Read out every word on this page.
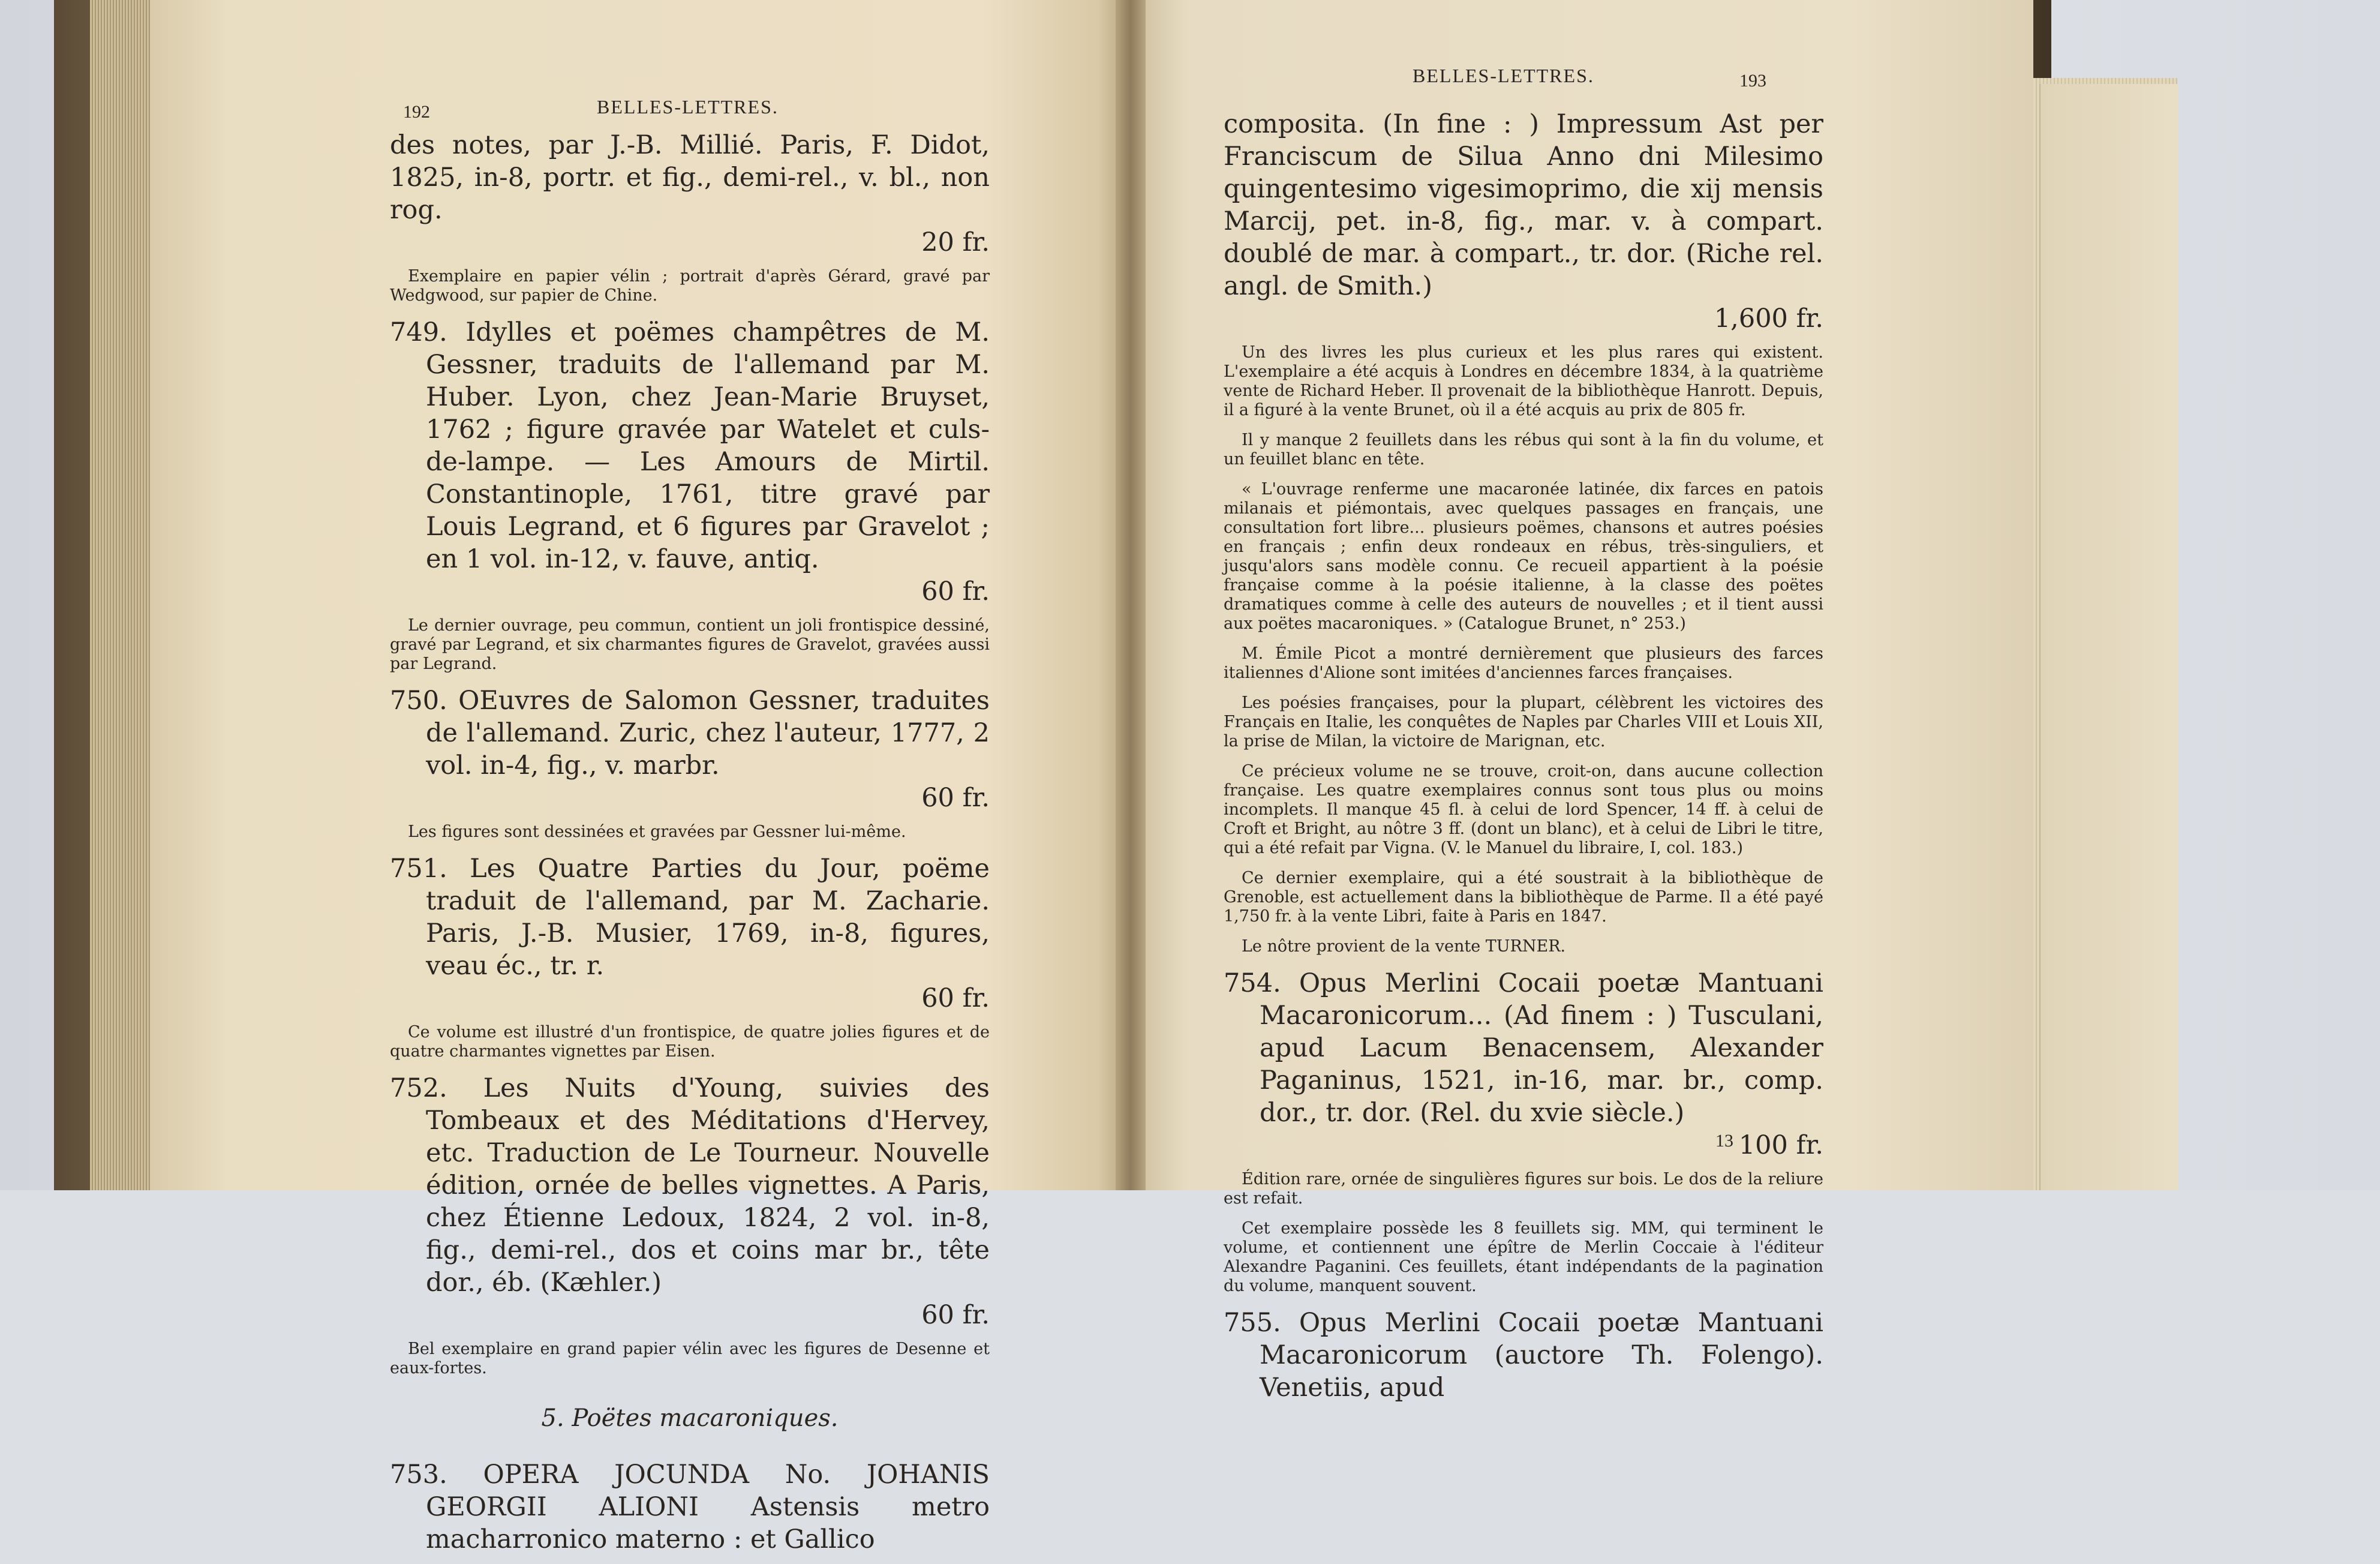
192	BELLES-LETTRES.
des notes, par J.-B. Millié. Paris, F. Didot, 1825, in-8, portr. et fig., demi-rel., v. bl., non rog.
20 fr.
Exemplaire en papier vélin ; portrait d'après Gérard, gravé par Wedgwood, sur papier de Chine.
749. Idylles et poëmes champêtres de M. Gessner, traduits de l'allemand par M. Huber. Lyon, chez Jean-Marie Bruyset, 1762 ; figure gravée par Watelet et culs-de-lampe. — Les Amours de Mirtil. Constantinople, 1761, titre gravé par Louis Legrand, et 6 figures par Gravelot ; en 1 vol. in-12, v. fauve, antiq.
60 fr.
Le dernier ouvrage, peu commun, contient un joli frontispice dessiné, gravé par Legrand, et six charmantes figures de Gravelot, gravées aussi par Legrand.
750. OEuvres de Salomon Gessner, traduites de l'allemand. Zuric, chez l'auteur, 1777, 2 vol. in-4, fig., v. marbr.
60 fr.
Les figures sont dessinées et gravées par Gessner lui-même.
751. Les Quatre Parties du Jour, poëme traduit de l'allemand, par M. Zacharie. Paris, J.-B. Musier, 1769, in-8, figures, veau éc., tr. r.
60 fr.
Ce volume est illustré d'un frontispice, de quatre jolies figures et de quatre charmantes vignettes par Eisen.
752. Les Nuits d'Young, suivies des Tombeaux et des Méditations d'Hervey, etc. Traduction de Le Tourneur. Nouvelle édition, ornée de belles vignettes. A Paris, chez Étienne Ledoux, 1824, 2 vol. in-8, fig., demi-rel., dos et coins mar br., tête dor., éb. (Kæhler.)
60 fr.
Bel exemplaire en grand papier vélin avec les figures de Desenne et eaux-fortes.
5. Poëtes macaroniques.
753. OPERA JOCUNDA No. JOHANIS GEORGII ALIONI Astensis metro macharronico materno : et Gallico
BELLES-LETTRES.	193
composita. (In fine : ) Impressum Ast per Franciscum de Silua Anno dni Milesimo quingentesimo vigesimoprimo, die xij mensis Marcij, pet. in-8, fig., mar. v. à compart. doublé de mar. à compart., tr. dor. (Riche rel. angl. de Smith.)
1,600 fr.
Un des livres les plus curieux et les plus rares qui existent. L'exemplaire a été acquis à Londres en décembre 1834, à la quatrième vente de Richard Heber. Il provenait de la bibliothèque Hanrott. Depuis, il a figuré à la vente Brunet, où il a été acquis au prix de 805 fr.
Il y manque 2 feuillets dans les rébus qui sont à la fin du volume, et un feuillet blanc en tête.
« L'ouvrage renferme une macaronée latinée, dix farces en patois milanais et piémontais, avec quelques passages en français, une consultation fort libre... plusieurs poëmes, chansons et autres poésies en français ; enfin deux rondeaux en rébus, très-singuliers, et jusqu'alors sans modèle connu. Ce recueil appartient à la poésie française comme à la poésie italienne, à la classe des poëtes dramatiques comme à celle des auteurs de nouvelles ; et il tient aussi aux poëtes macaroniques. » (Catalogue Brunet, n° 253.)
M. Émile Picot a montré dernièrement que plusieurs des farces italiennes d'Alione sont imitées d'anciennes farces françaises.
Les poésies françaises, pour la plupart, célèbrent les victoires des Français en Italie, les conquêtes de Naples par Charles VIII et Louis XII, la prise de Milan, la victoire de Marignan, etc.
Ce précieux volume ne se trouve, croit-on, dans aucune collection française. Les quatre exemplaires connus sont tous plus ou moins incomplets. Il manque 45 fl. à celui de lord Spencer, 14 ff. à celui de Croft et Bright, au nôtre 3 ff. (dont un blanc), et à celui de Libri le titre, qui a été refait par Vigna. (V. le Manuel du libraire, I, col. 183.)
Ce dernier exemplaire, qui a été soustrait à la bibliothèque de Grenoble, est actuellement dans la bibliothèque de Parme. Il a été payé 1,750 fr. à la vente Libri, faite à Paris en 1847.
Le nôtre provient de la vente TURNER.
754. Opus Merlini Cocaii poetæ Mantuani Macaronicorum... (Ad finem : ) Tusculani, apud Lacum Benacensem, Alexander Paganinus, 1521, in-16, mar. br., comp. dor., tr. dor. (Rel. du xvie siècle.)
100 fr.
Édition rare, ornée de singulières figures sur bois. Le dos de la reliure est refait.
Cet exemplaire possède les 8 feuillets sig. MM, qui terminent le volume, et contiennent une épître de Merlin Coccaie à l'éditeur Alexandre Paganini. Ces feuillets, étant indépendants de la pagination du volume, manquent souvent.
755. Opus Merlini Cocaii poetæ Mantuani Macaronicorum (auctore Th. Folengo). Venetiis, apud
13
